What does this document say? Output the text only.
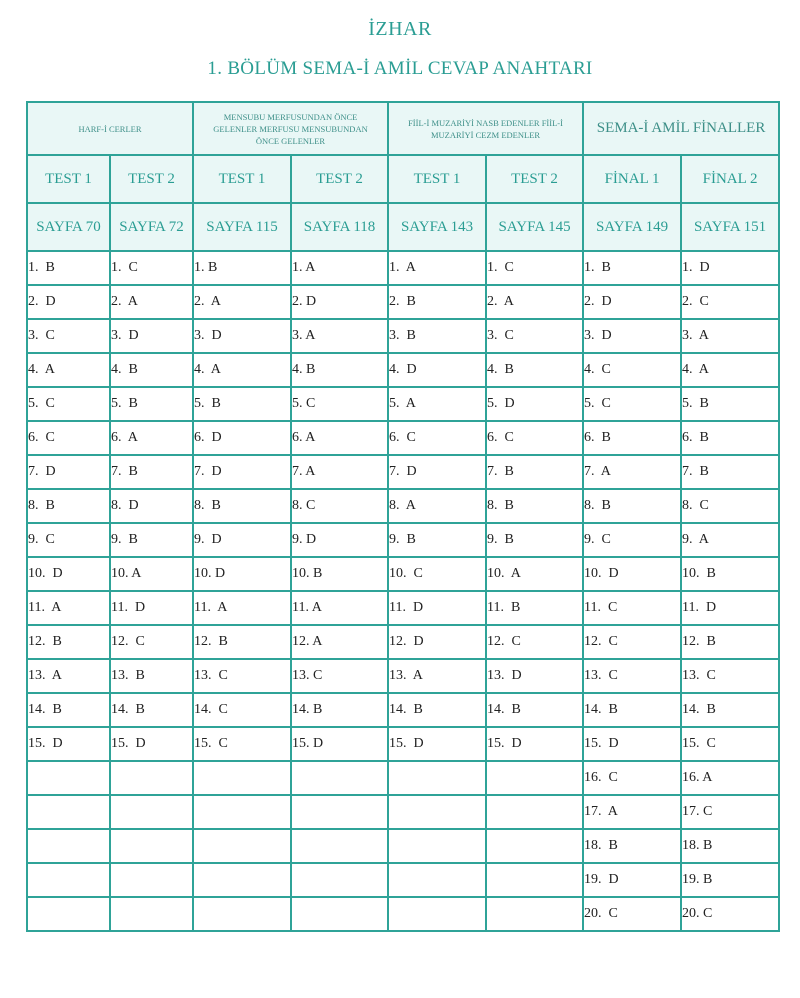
İZHAR
1. BÖLÜM SEMA-İ AMİL CEVAP ANAHTARI
HARF-İ CERLER		MENSUBU MERFUSUNDAN ÖNCE GELENLER MERFUSU MENSUBUNDAN ÖNCE GELENLER		FİİL-İ MUZARİYİ NASB EDENLER FİİL-İ MUZARİYİ CEZM EDENLER		SEMA-İ AMİL FİNALLER	
TEST 1	TEST 2	TEST 1	TEST 2	TEST 1	TEST 2	FİNAL 1	FİNAL 2
SAYFA 70	SAYFA 72	SAYFA 115	SAYFA 118	SAYFA 143	SAYFA 145	SAYFA 149	SAYFA 151
1.  B	1.  C	1. B	1. A	1.  A	1.  C	1.  B	1.  D
2.  D	2.  A	2.  A	2. D	2.  B	2.  A	2.  D	2.  C
3.  C	3.  D	3.  D	3. A	3.  B	3.  C	3.  D	3.  A
4.  A	4.  B	4.  A	4. B	4.  D	4.  B	4.  C	4.  A
5.  C	5.  B	5.  B	5. C	5.  A	5.  D	5.  C	5.  B
6.  C	6.  A	6.  D	6. A	6.  C	6.  C	6.  B	6.  B
7.  D	7.  B	7.  D	7. A	7.  D	7.  B	7.  A	7.  B
8.  B	8.  D	8.  B	8. C	8.  A	8.  B	8.  B	8.  C
9.  C	9.  B	9.  D	9. D	9.  B	9.  B	9.  C	9.  A
10.  D	10. A	10. D	10. B	10.  C	10.  A	10.  D	10.  B
11.  A	11.  D	11.  A	11. A	11.  D	11.  B	11.  C	11.  D
12.  B	12.  C	12.  B	12. A	12.  D	12.  C	12.  C	12.  B
13.  A	13.  B	13.  C	13. C	13.  A	13.  D	13.  C	13.  C
14.  B	14.  B	14.  C	14. B	14.  B	14.  B	14.  B	14.  B
15.  D	15.  D	15.  C	15. D	15.  D	15.  D	15.  D	15.  C
						16.  C	16. A
						17.  A	17. C
						18.  B	18. B
						19.  D	19. B
						20.  C	20. C
